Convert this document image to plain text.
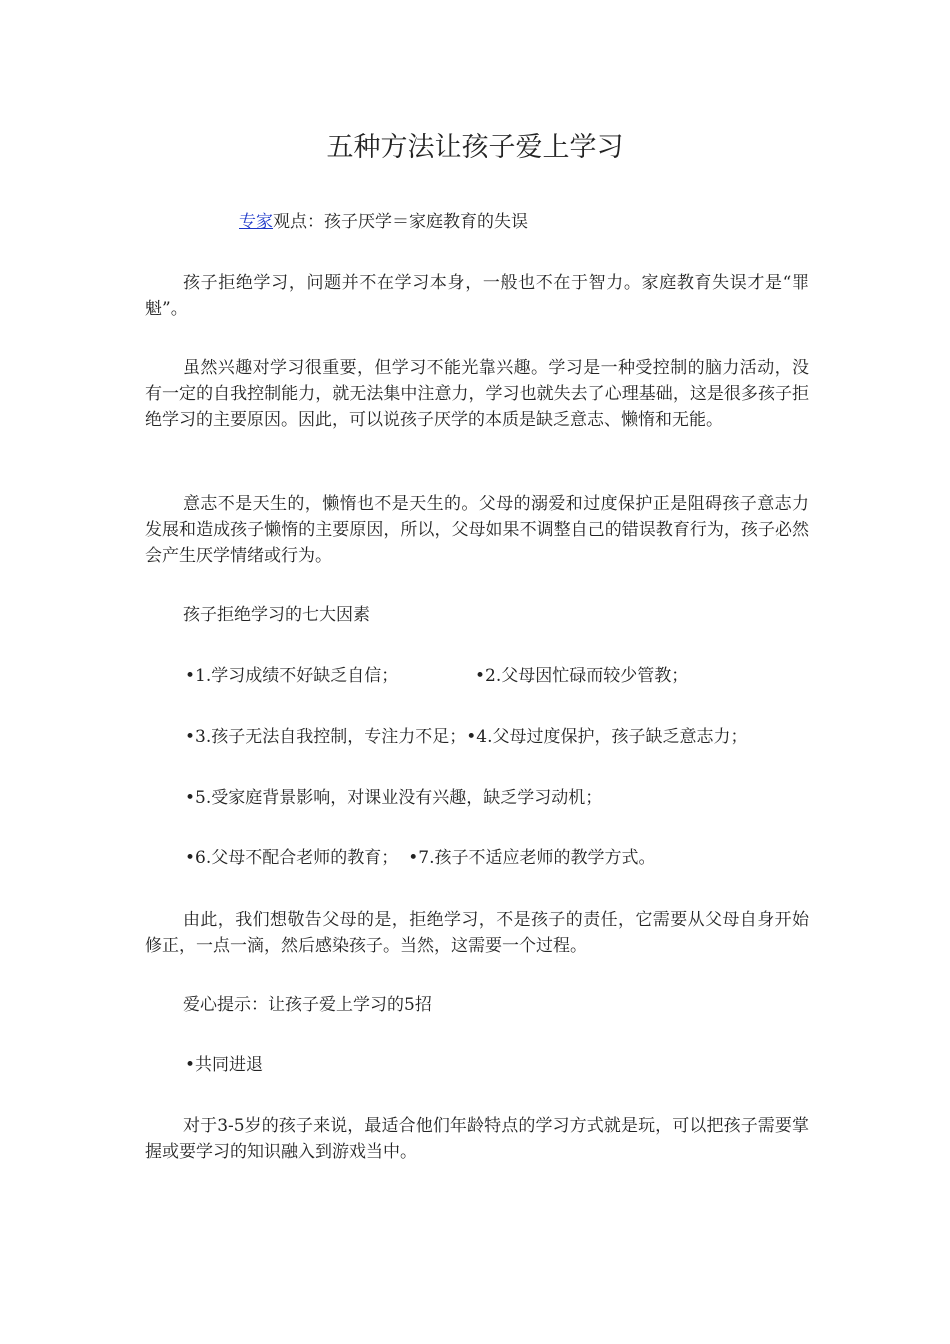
五种方法让孩子爱上学习

专家观点：孩子厌学＝家庭教育的失误

孩子拒绝学习，问题并不在学习本身，一般也不在于智力。家庭教育失误才是“罪魁”。

虽然兴趣对学习很重要，但学习不能光靠兴趣。学习是一种受控制的脑力活动，没有一定的自我控制能力，就无法集中注意力，学习也就失去了心理基础，这是很多孩子拒绝学习的主要原因。因此，可以说孩子厌学的本质是缺乏意志、懒惰和无能。

意志不是天生的，懒惰也不是天生的。父母的溺爱和过度保护正是阻碍孩子意志力发展和造成孩子懒惰的主要原因，所以，父母如果不调整自己的错误教育行为，孩子必然会产生厌学情绪或行为。

孩子拒绝学习的七大因素

•1.学习成绩不好缺乏自信；	•2.父母因忙碌而较少管教；

•3.孩子无法自我控制，专注力不足；•4.父母过度保护，孩子缺乏意志力；

•5.受家庭背景影响，对课业没有兴趣，缺乏学习动机；

•6.父母不配合老师的教育； •7.孩子不适应老师的教学方式。

由此，我们想敬告父母的是，拒绝学习，不是孩子的责任，它需要从父母自身开始修正，一点一滴，然后感染孩子。当然，这需要一个过程。

爱心提示：让孩子爱上学习的5招

•共同进退

对于3-5岁的孩子来说，最适合他们年龄特点的学习方式就是玩，可以把孩子需要掌握或要学习的知识融入到游戏当中。
